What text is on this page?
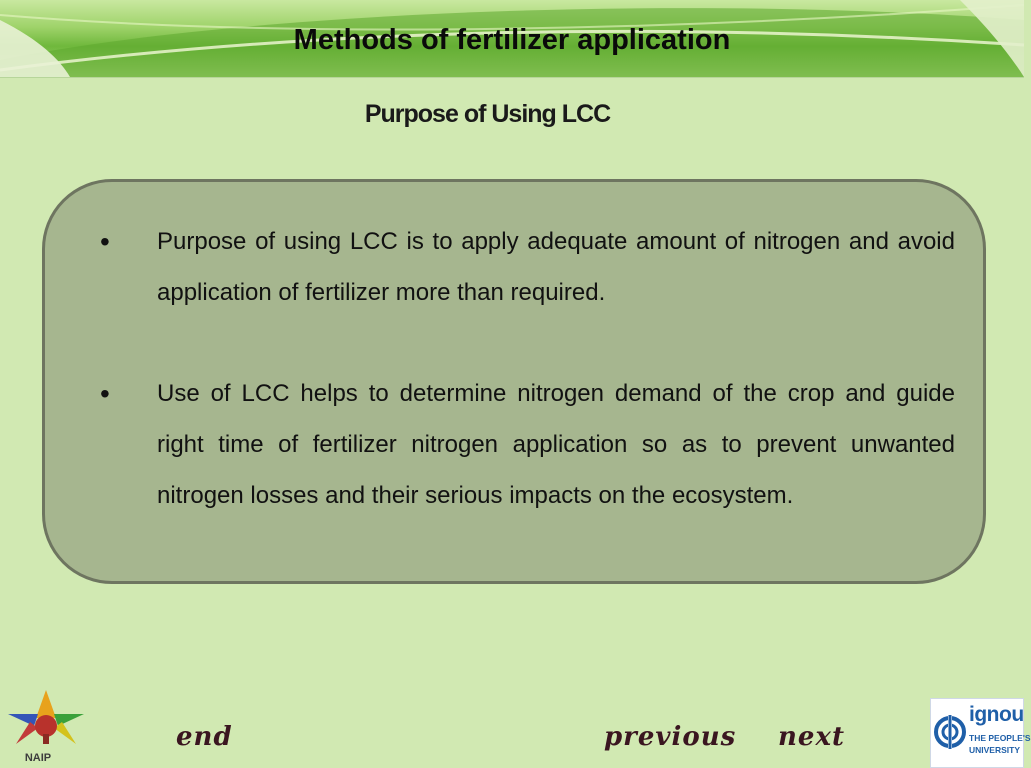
Methods of fertilizer application
Purpose of Using LCC
• Purpose of using LCC is to apply adequate amount of nitrogen and avoid application of fertilizer more than required.
• Use of LCC helps to determine nitrogen demand of the crop and guide right time of fertilizer nitrogen application so as to prevent unwanted nitrogen losses and their serious impacts on the ecosystem.
NAIP
end	previous next
ignou
THE PEOPLE'S
UNIVERSITY
